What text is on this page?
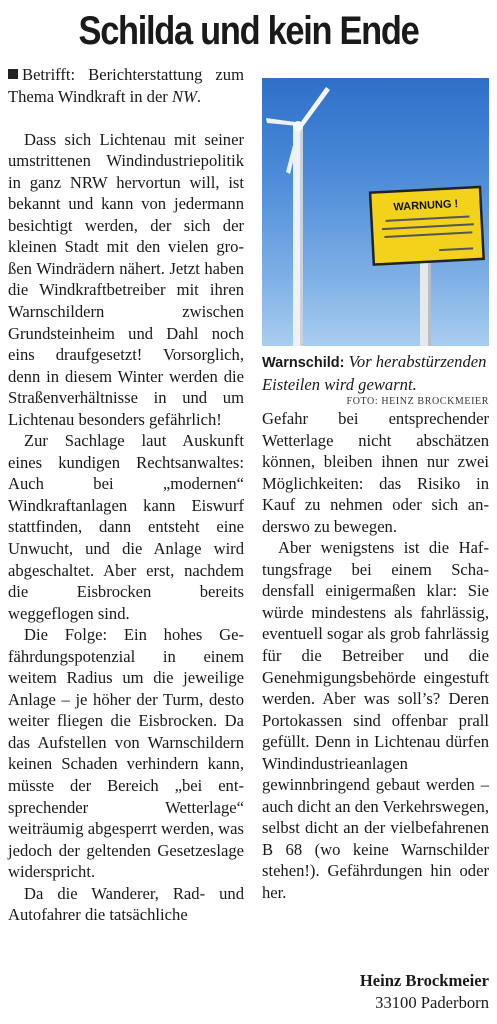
Schilda und kein Ende

Betrifft: Berichterstattung zum Thema Windkraft in der NW.

Dass sich Lichtenau mit seiner umstrittenen Windindustriepolitik in ganz NRW hervortun will, ist bekannt und kann von jedermann besichtigt werden, der sich der kleinen Stadt mit den vielen großen Windrädern nähert. Jetzt haben die Windkraftbetreiber mit ihren Warnschildern zwischen Grundsteinheim und Dahl noch eins draufgesetzt! Vorsorglich, denn in diesem Winter werden die Straßenverhältnisse in und um Lichtenau besonders gefährlich!

Zur Sachlage laut Auskunft eines kundigen Rechtsanwaltes: Auch bei „modernen“ Windkraftanlagen kann Eiswurf stattfinden, dann entsteht eine Unwucht, und die Anlage wird abgeschaltet. Aber erst, nachdem die Eisbrocken bereits weggeflogen sind.

Die Folge: Ein hohes Gefährdungspotenzial in einem weitem Radius um die jeweilige Anlage – je höher der Turm, desto weiter fliegen die Eisbrocken. Da das Aufstellen von Warnschildern keinen Schaden verhindern kann, müsste der Bereich „bei entsprechender Wetterlage“ weiträumig abgesperrt werden, was jedoch der geltenden Gesetzeslage widerspricht.

Da die Wanderer, Rad- und Autofahrer die tatsächliche

WARNUNG !
Warnschild: Vor herabstürzenden Eisteilen wird gewarnt.
FOTO: HEINZ BROCKMEIER

Gefahr bei entsprechender Wetterlage nicht abschätzen können, bleiben ihnen nur zwei Möglichkeiten: das Risiko in Kauf zu nehmen oder sich anderswo zu bewegen.

Aber wenigstens ist die Haftungsfrage bei einem Schadensfall einigermaßen klar: Sie würde mindestens als fahrlässig, eventuell sogar als grob fahrlässig für die Betreiber und die Genehmigungsbehörde eingestuft werden. Aber was soll’s? Deren Portokassen sind offenbar prall gefüllt. Denn in Lichtenau dürfen Windindustrieanlagen gewinnbringend gebaut werden – auch dicht an den Verkehrswegen, selbst dicht an der vielbefahrenen B 68 (wo keine Warnschilder stehen!). Gefährdungen hin oder her.

Heinz Brockmeier
33100 Paderborn
